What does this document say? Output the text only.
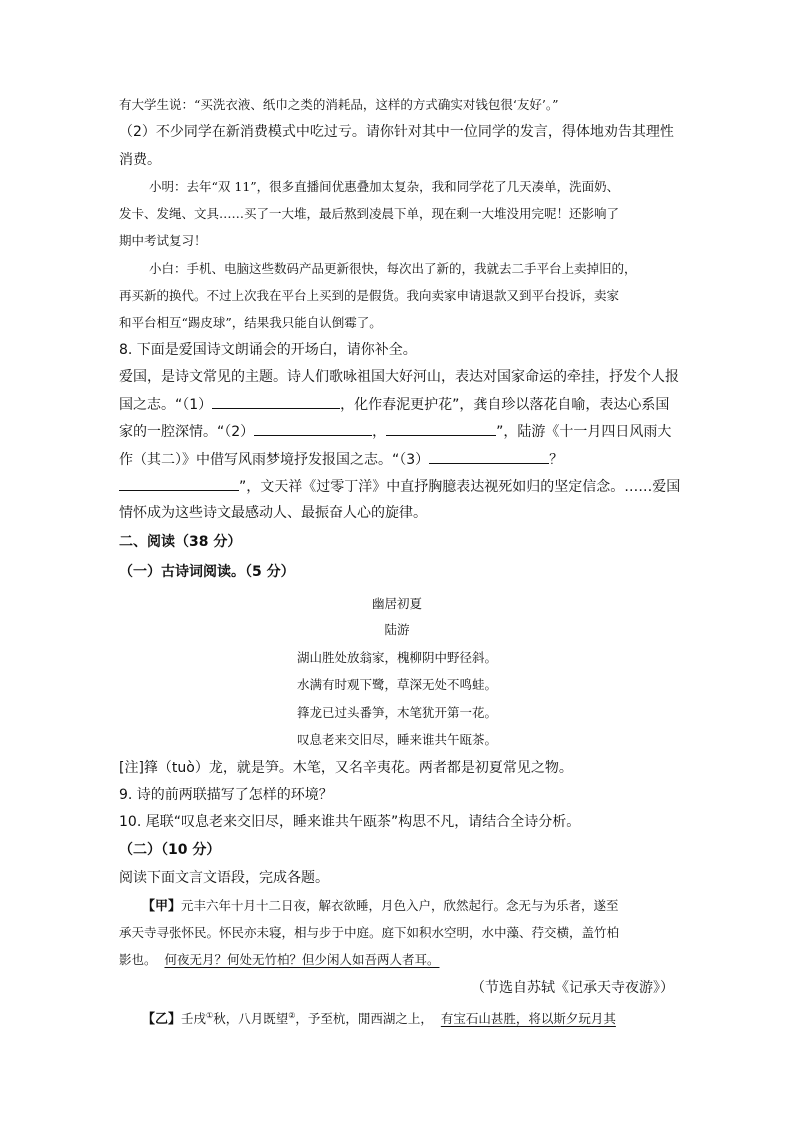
有大学生说：“买洗衣液、纸巾之类的消耗品，这样的方式确实对钱包很‘友好’。”
（2）不少同学在新消费模式中吃过亏。请你针对其中一位同学的发言，得体地劝告其理性
消费。
小明：去年“双 11”，很多直播间优惠叠加太复杂，我和同学花了几天凑单，洗面奶、
发卡、发绳、文具……买了一大堆，最后熬到凌晨下单，现在剩一大堆没用完呢！还影响了
期中考试复习！
小白：手机、电脑这些数码产品更新很快，每次出了新的，我就去二手平台上卖掉旧的，
再买新的换代。不过上次我在平台上买到的是假货。我向卖家申请退款又到平台投诉，卖家
和平台相互“踢皮球”，结果我只能自认倒霉了。
8. 下面是爱国诗文朗诵会的开场白，请你补全。
爱国，是诗文常见的主题。诗人们歌咏祖国大好河山，表达对国家命运的牵挂，抒发个人报
国之志。“（1）	，化作春泥更护花”，龚自珍以落花自喻，表达心系国
家的一腔深情。“（2）	，	”，陆游《十一月四日风雨大
作（其二）》中借写风雨梦境抒发报国之志。“（3）	？
”，文天祥《过零丁洋》中直抒胸臆表达视死如归的坚定信念。……爱国
情怀成为这些诗文最感动人、最振奋人心的旋律。
二、阅读（38 分）
（一）古诗词阅读。（5 分）
幽居初夏
陆游
湖山胜处放翁家，槐柳阴中野径斜。
水满有时观下鹭，草深无处不鸣蛙。
箨龙已过头番笋，木笔犹开第一花。
叹息老来交旧尽，睡来谁共午瓯茶。
[注]箨（tuò）龙，就是笋。木笔，又名辛夷花。两者都是初夏常见之物。
9. 诗的前两联描写了怎样的环境？
10. 尾联“叹息老来交旧尽，睡来谁共午瓯茶”构思不凡，请结合全诗分析。
（二）（10 分）
阅读下面文言文语段，完成各题。
【甲】元丰六年十月十二日夜，解衣欲睡，月色入户，欣然起行。念无与为乐者，遂至
承天寺寻张怀民。怀民亦未寝，相与步于中庭。庭下如积水空明，水中藻、荇交横，盖竹柏
影也。 何夜无月？何处无竹柏？但少闲人如吾两人者耳。
（节选自苏轼《记承天寺夜游》）
【乙】壬戌①秋，八月既望②，予至杭，閒西湖之上， 有宝石山甚胜，将以斯夕玩月其
